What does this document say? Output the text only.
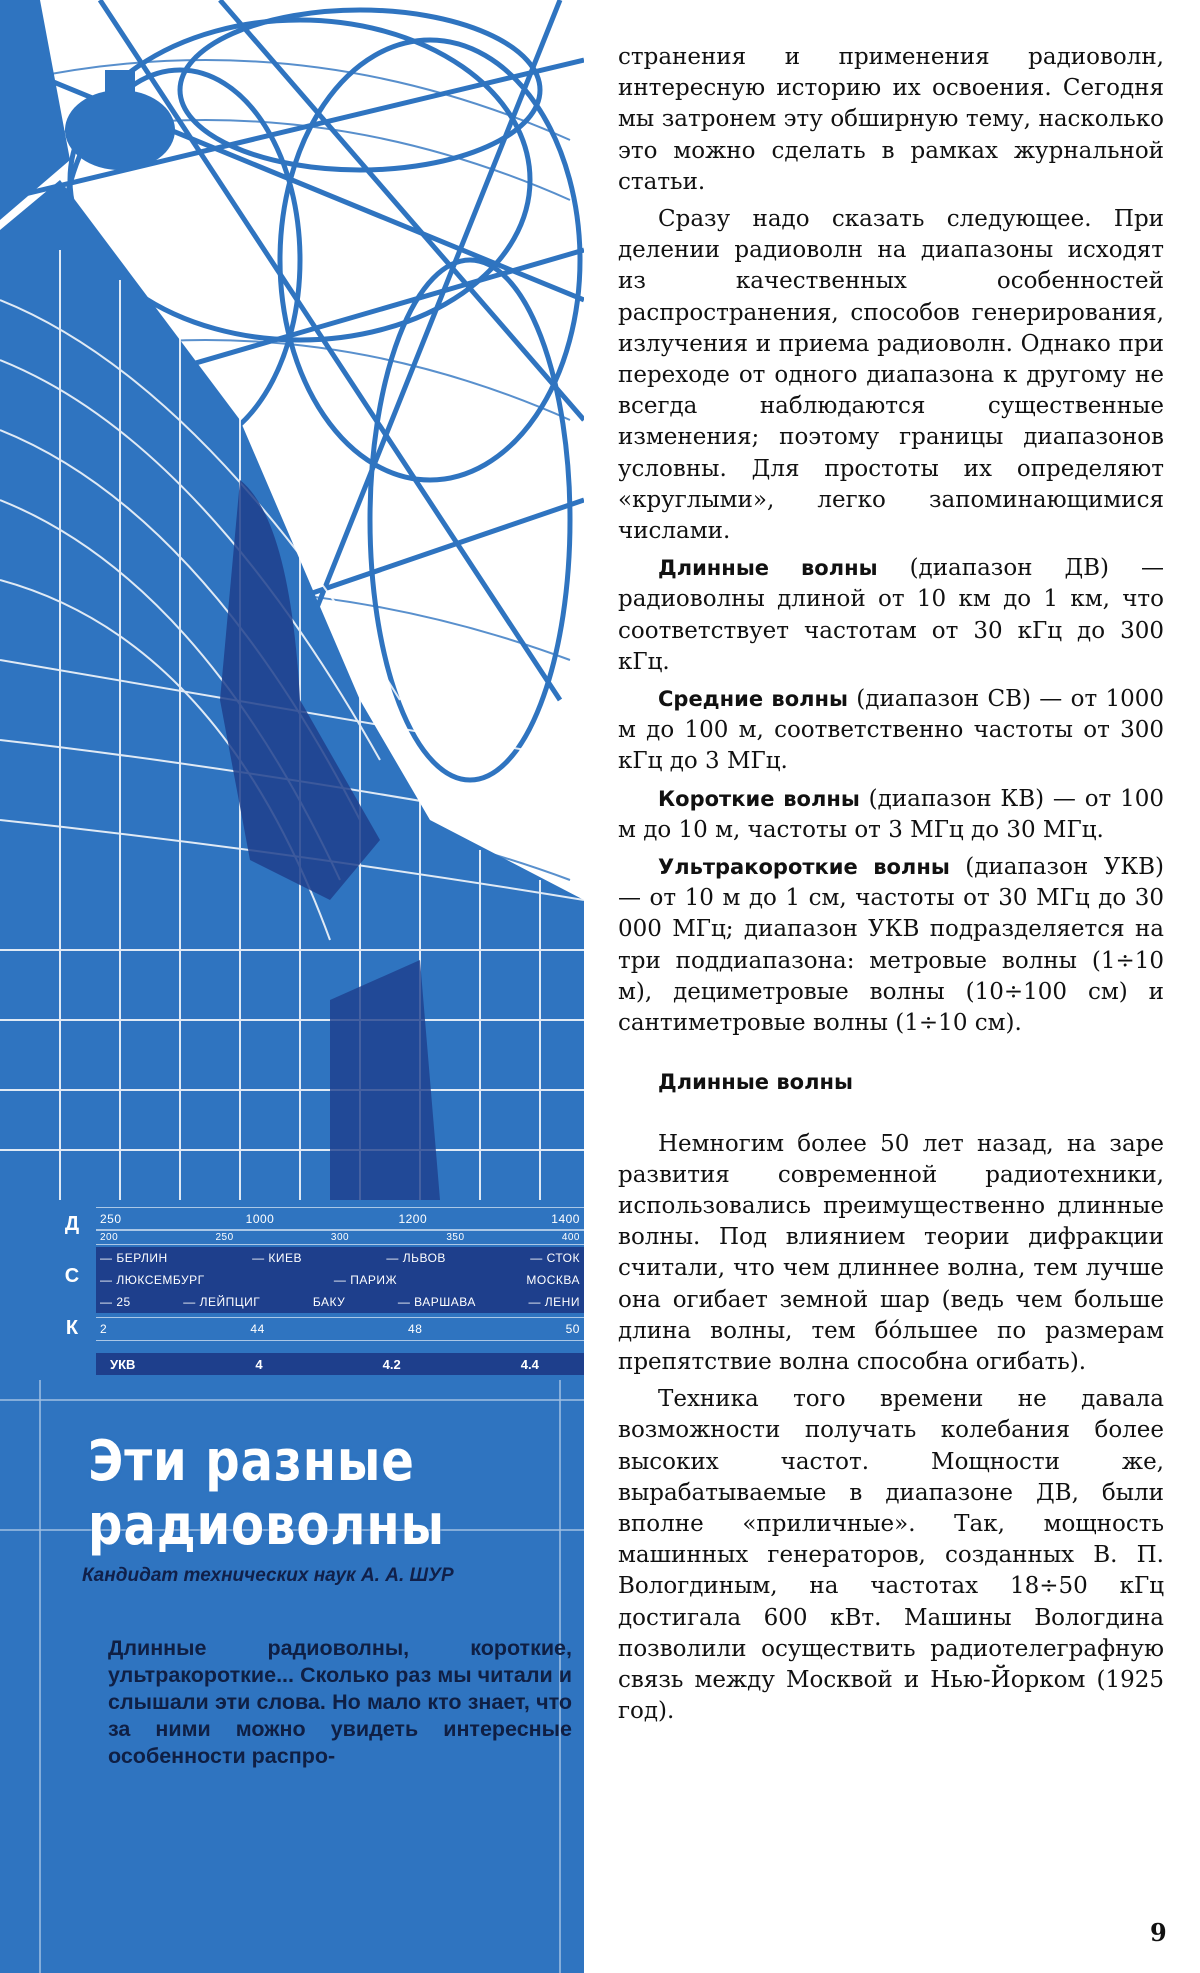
Д
С
К
250	1000	1200	1400
200	250	300	350	400
— БЕРЛИН	— КИЕВ	— ЛЬВОВ	— СТОК
— ЛЮКСЕМБУРГ	— ПАРИЖ	МОСКВА
— 25	— ЛЕЙПЦИГ	БАКУ	— ВАРШАВА	— ЛЕНИ
2	44	48	50
УКВ	4	4.2	4.4
Эти разные
радиоволны
Кандидат технических наук А. А. ШУР
Длинные радиоволны, короткие, ультракороткие... Сколько раз мы читали и слышали эти слова. Но мало кто знает, что за ними можно увидеть интересные особенности распро-

странения и применения радиоволн, интересную историю их освоения. Сегодня мы затронем эту обширную тему, насколько это можно сделать в рамках журнальной статьи.

Сразу надо сказать следующее. При делении радиоволн на диапазоны исходят из качественных особенностей распространения, способов генерирования, излучения и приема радиоволн. Однако при переходе от одного диапазона к другому не всегда наблюдаются существенные изменения; поэтому границы диапазонов условны. Для простоты их определяют «круглыми», легко запоминающимися числами.

Длинные волны (диапазон ДВ) — радиоволны длиной от 10 км до 1 км, что соответствует частотам от 30 кГц до 300 кГц.

Средние волны (диапазон СВ) — от 1000 м до 100 м, соответственно частоты от 300 кГц до 3 МГц.

Короткие волны (диапазон КВ) — от 100 м до 10 м, частоты от 3 МГц до 30 МГц.

Ультракороткие волны (диапазон УКВ) — от 10 м до 1 см, частоты от 30 МГц до 30 000 МГц; диапазон УКВ подразделяется на три поддиапазона: метровые волны (1÷10 м), дециметровые волны (10÷100 см) и сантиметровые волны (1÷10 см).

Длинные волны

Немногим более 50 лет назад, на заре развития современной радиотехники, использовались преимущественно длинные волны. Под влиянием теории дифракции считали, что чем длиннее волна, тем лучше она огибает земной шар (ведь чем больше длина волны, тем бо́льшее по размерам препятствие волна способна огибать).

Техника того времени не давала возможности получать колебания более высоких частот. Мощности же, вырабатываемые в диапазоне ДВ, были вполне «приличные». Так, мощность машинных генераторов, созданных В. П. Вологдиным, на частотах 18÷50 кГц достигала 600 кВт. Машины Вологдина позволили осуществить радиотелеграфную связь между Москвой и Нью-Йорком (1925 год).

9
